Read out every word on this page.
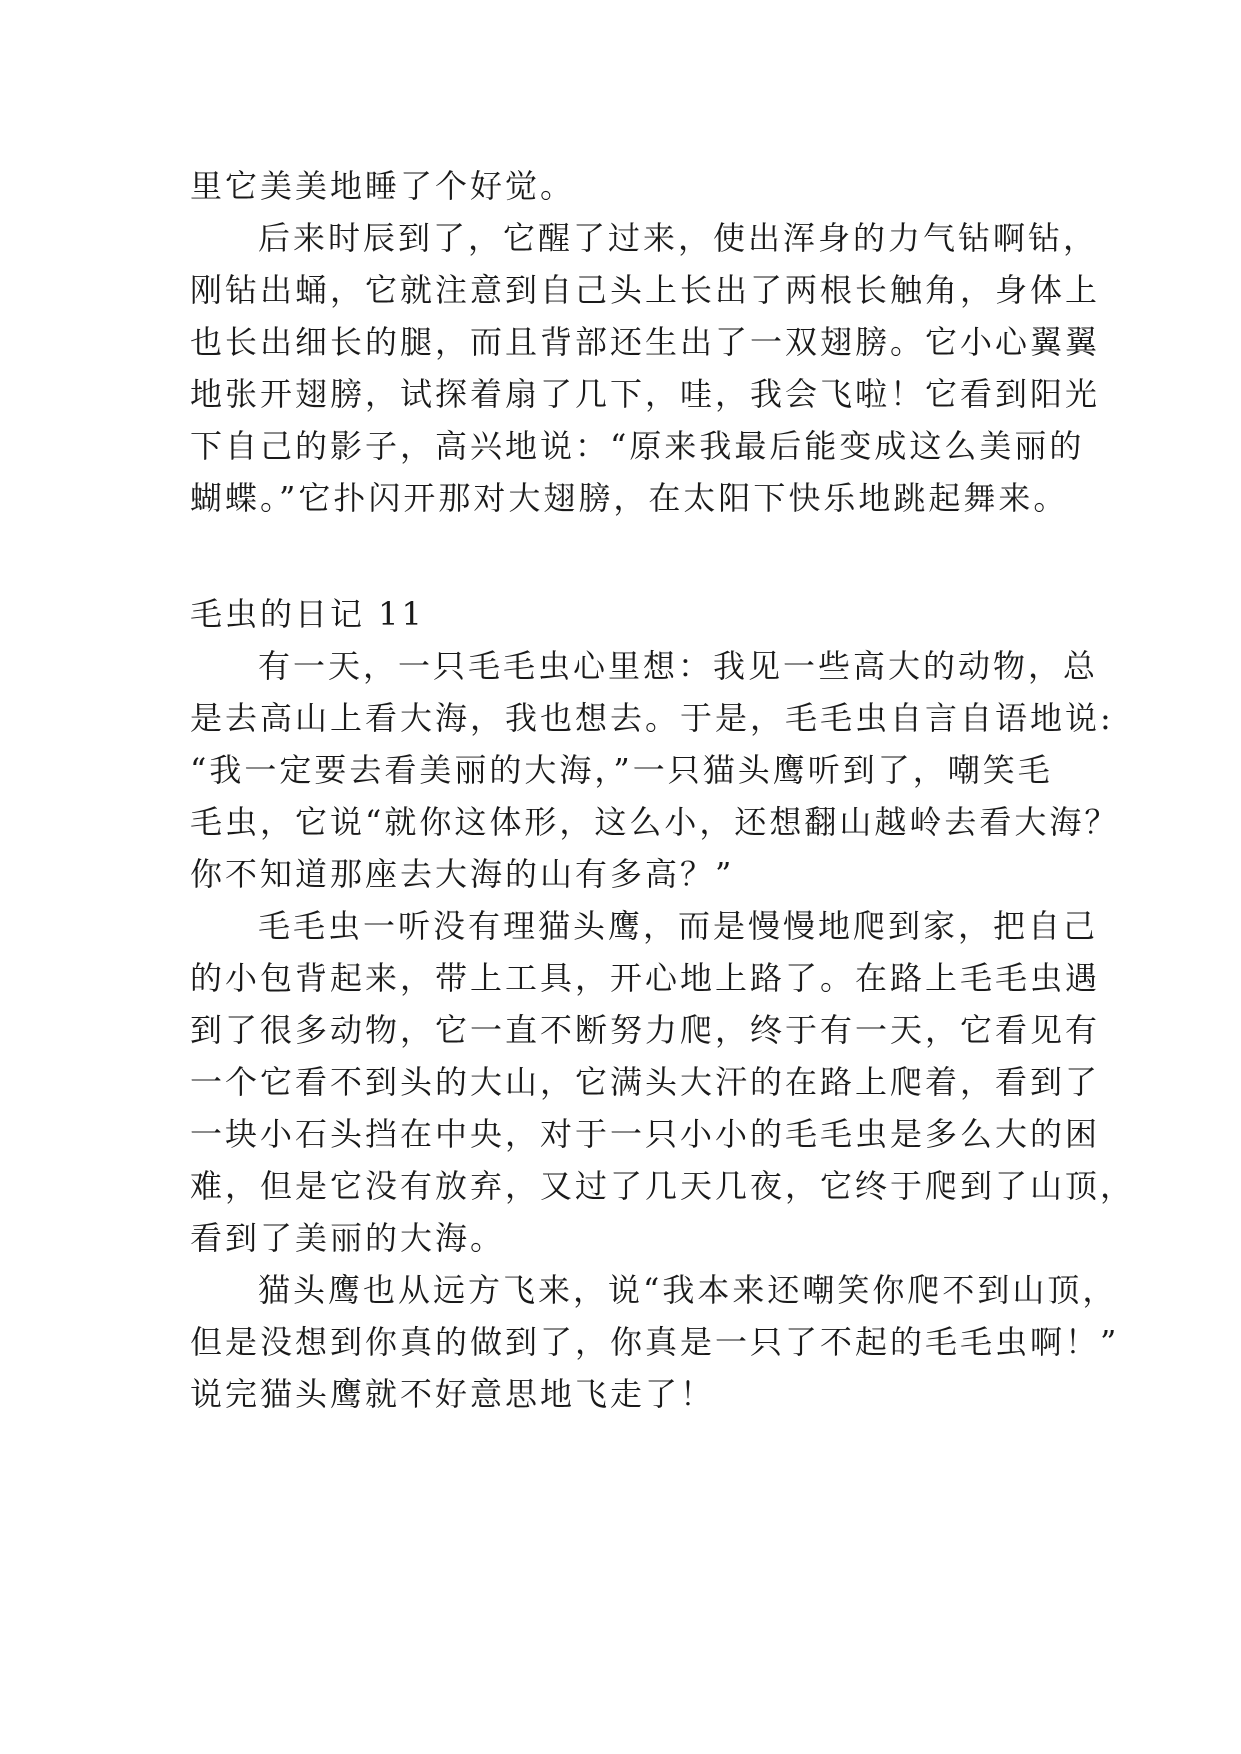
里它美美地睡了个好觉。
后来时辰到了，它醒了过来，使出浑身的力气钻啊钻，
刚钻出蛹，它就注意到自己头上长出了两根长触角，身体上
也长出细长的腿，而且背部还生出了一双翅膀。它小心翼翼
地张开翅膀，试探着扇了几下，哇，我会飞啦！它看到阳光
下自己的影子，高兴地说：“原来我最后能变成这么美丽的
蝴蝶。”它扑闪开那对大翅膀，在太阳下快乐地跳起舞来。
毛虫的日记 11
有一天，一只毛毛虫心里想：我见一些高大的动物，总
是去高山上看大海，我也想去。于是，毛毛虫自言自语地说:
“我一定要去看美丽的大海，”一只猫头鹰听到了，嘲笑毛
毛虫，它说“就你这体形，这么小，还想翻山越岭去看大海？
你不知道那座去大海的山有多高？”
毛毛虫一听没有理猫头鹰，而是慢慢地爬到家，把自己
的小包背起来，带上工具，开心地上路了。在路上毛毛虫遇
到了很多动物，它一直不断努力爬，终于有一天，它看见有
一个它看不到头的大山，它满头大汗的在路上爬着，看到了
一块小石头挡在中央，对于一只小小的毛毛虫是多么大的困
难，但是它没有放弃，又过了几天几夜，它终于爬到了山顶，
看到了美丽的大海。
猫头鹰也从远方飞来，说“我本来还嘲笑你爬不到山顶，
但是没想到你真的做到了，你真是一只了不起的毛毛虫啊！”
说完猫头鹰就不好意思地飞走了！
